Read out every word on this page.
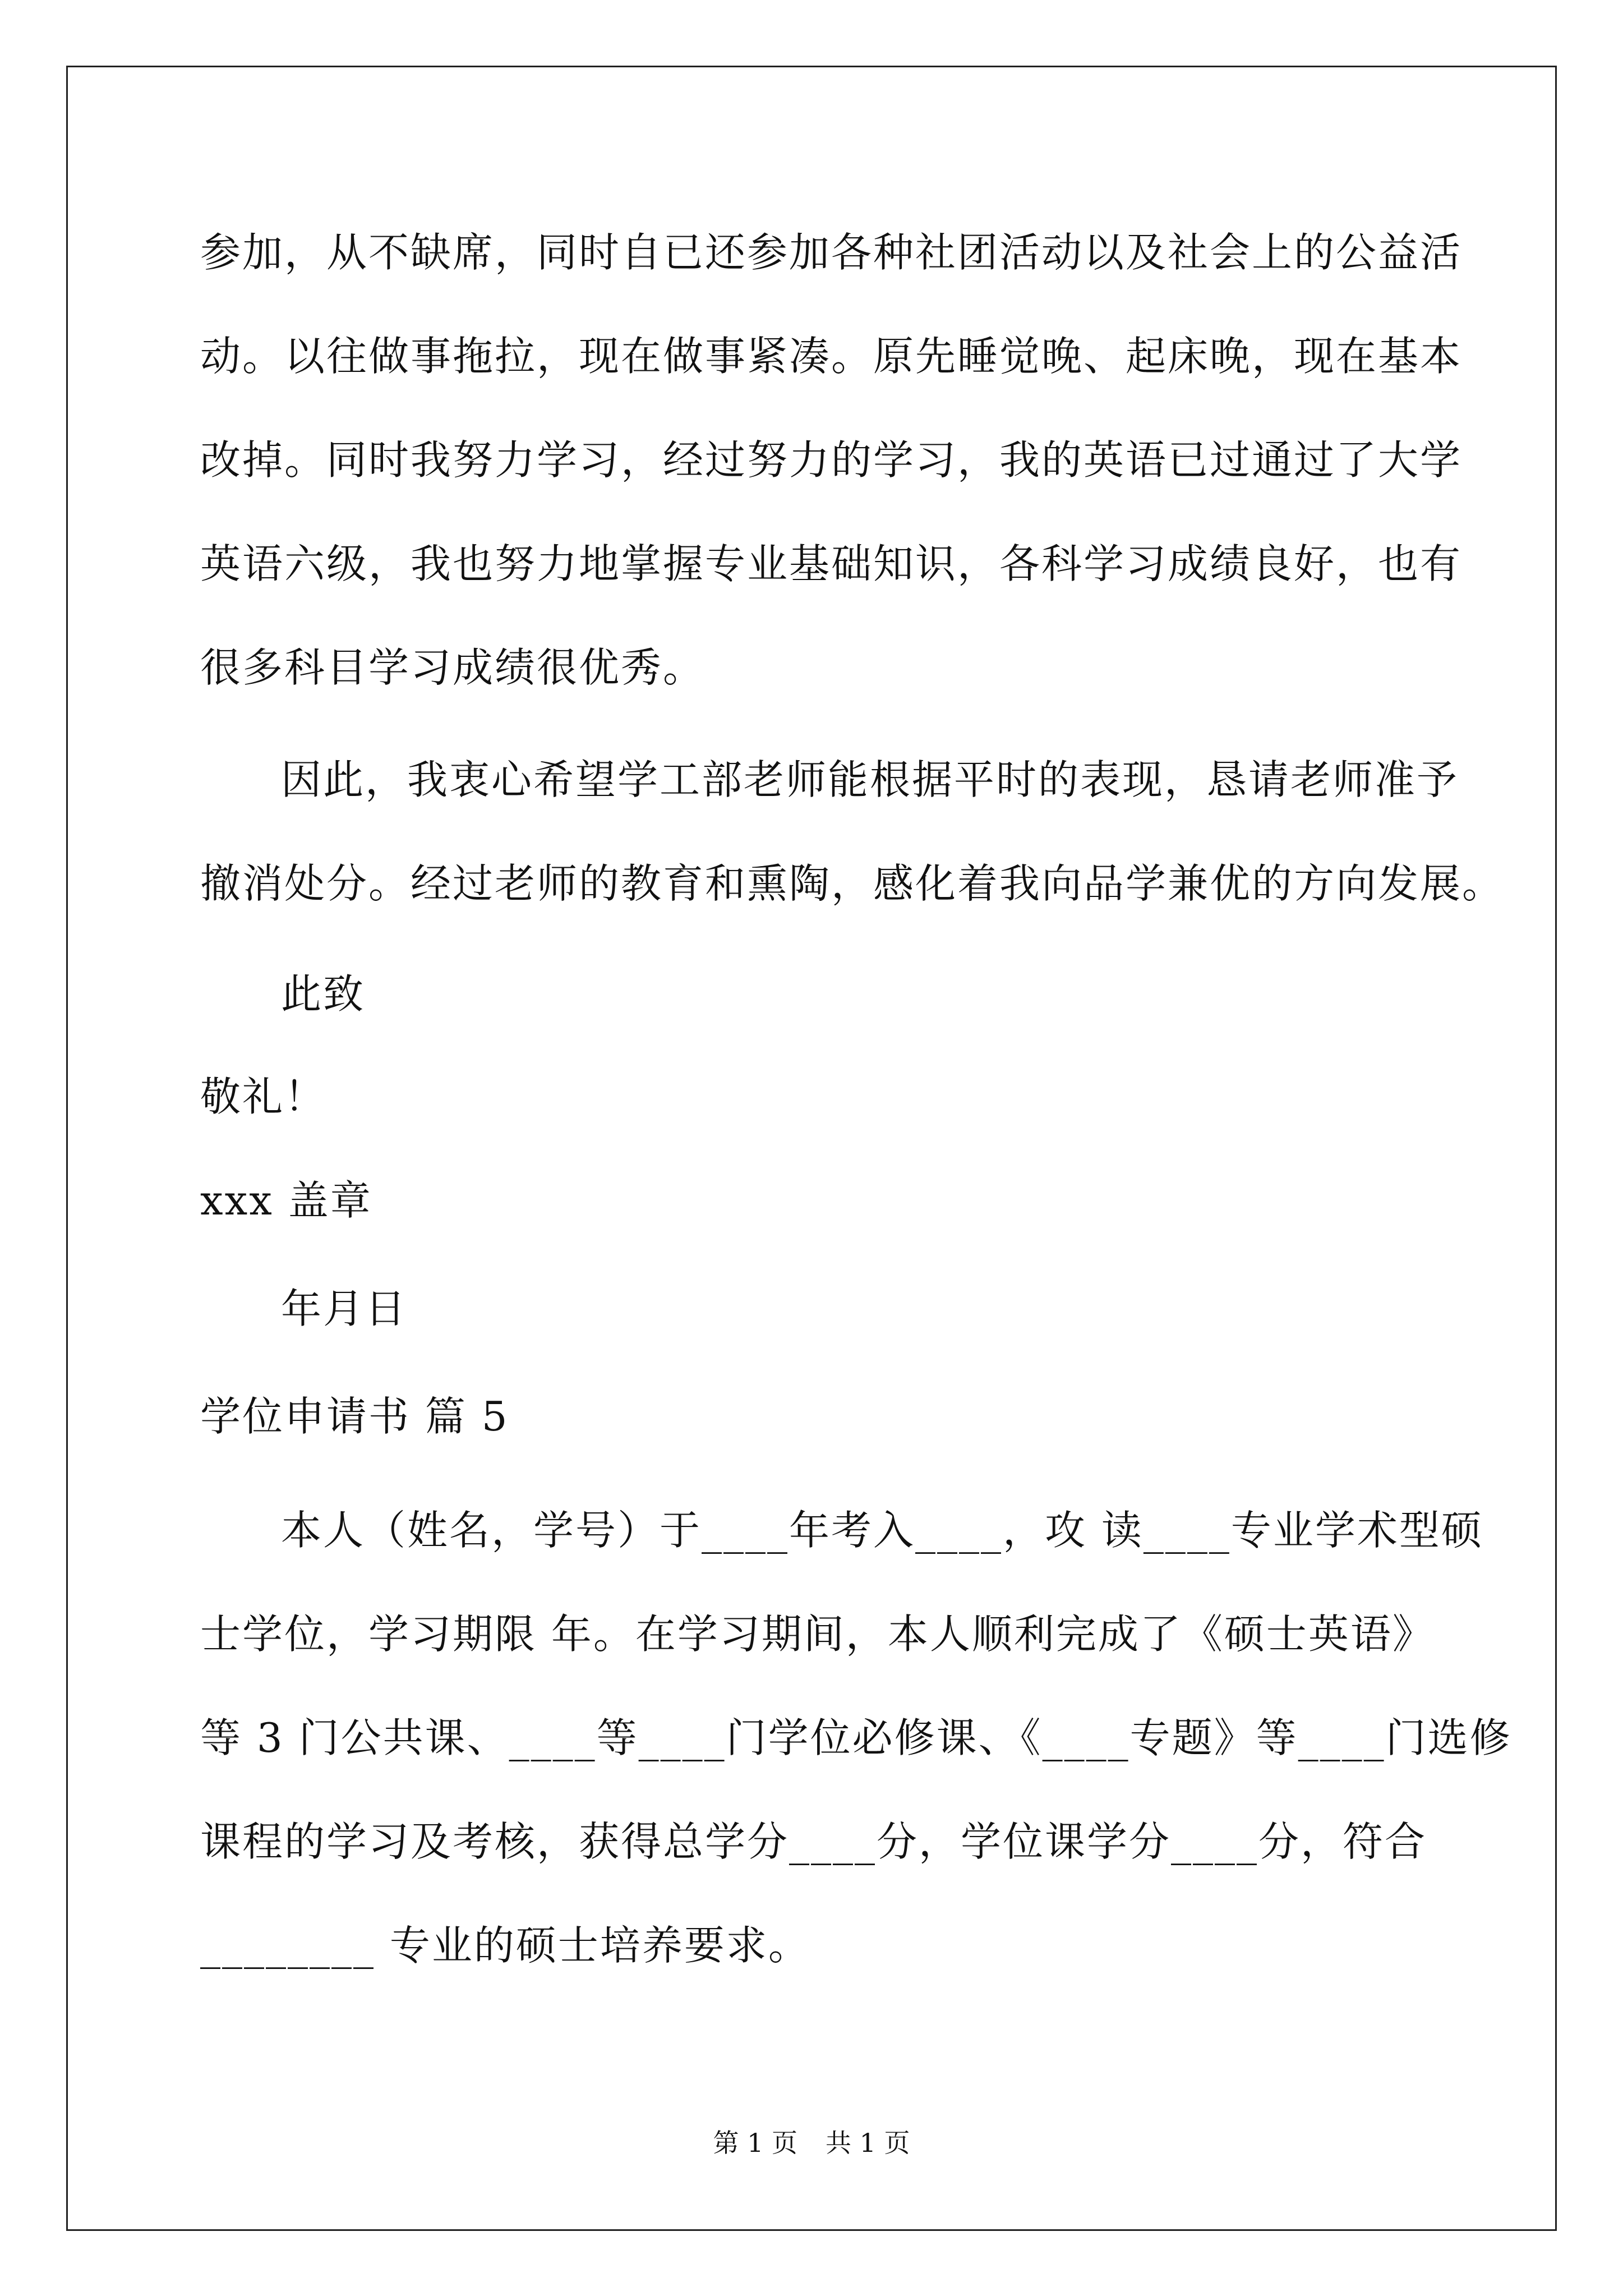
参加，从不缺席，同时自已还参加各种社团活动以及社会上的公益活
动。以往做事拖拉，现在做事紧凑。原先睡觉晚、起床晚，现在基本
改掉。同时我努力学习，经过努力的学习，我的英语已过通过了大学
英语六级，我也努力地掌握专业基础知识，各科学习成绩良好，也有
很多科目学习成绩很优秀。
因此，我衷心希望学工部老师能根据平时的表现，恳请老师准予
撤消处分。经过老师的教育和熏陶，感化着我向品学兼优的方向发展。
此致
敬礼！
xxx 盖章
年月日
学位申请书 篇 5
本人（姓名，学号）于____年考入____，攻 读____专业学术型硕
士学位，学习期限 年。在学习期间，本人顺利完成了《硕士英语》
等 3 门公共课、____等____门学位必修课、《____专题》等____门选修
课程的学习及考核，获得总学分____分，学位课学分____分，符合
________ 专业的硕士培养要求。
第 1 页 共 1 页
